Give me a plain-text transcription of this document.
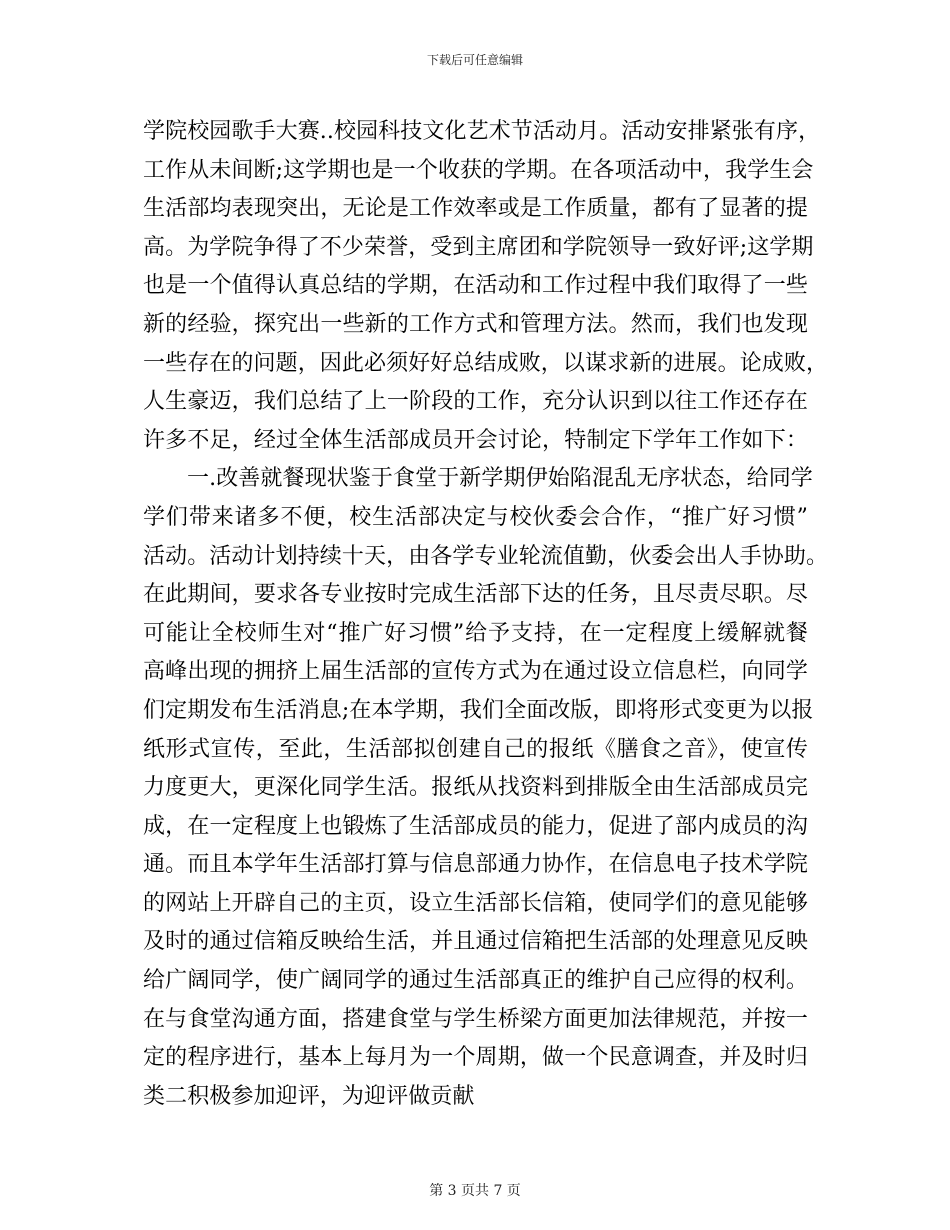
下载后可任意编辑
学院校园歌手大赛..校园科技文化艺术节活动月。活动安排紧张有序，
工作从未间断;这学期也是一个收获的学期。在各项活动中，我学生会
生活部均表现突出，无论是工作效率或是工作质量，都有了显著的提
高。为学院争得了不少荣誉，受到主席团和学院领导一致好评;这学期
也是一个值得认真总结的学期，在活动和工作过程中我们取得了一些
新的经验，探究出一些新的工作方式和管理方法。然而，我们也发现
一些存在的问题，因此必须好好总结成败，以谋求新的进展。论成败，
人生豪迈，我们总结了上一阶段的工作，充分认识到以往工作还存在
许多不足，经过全体生活部成员开会讨论，特制定下学年工作如下：
一.改善就餐现状鉴于食堂于新学期伊始陷混乱无序状态，给同学
学们带来诸多不便，校生活部决定与校伙委会合作，“推广好习惯”
活动。活动计划持续十天，由各学专业轮流值勤，伙委会出人手协助。
在此期间，要求各专业按时完成生活部下达的任务，且尽责尽职。尽
可能让全校师生对“推广好习惯”给予支持，在一定程度上缓解就餐
高峰出现的拥挤上届生活部的宣传方式为在通过设立信息栏，向同学
们定期发布生活消息;在本学期，我们全面改版，即将形式变更为以报
纸形式宣传，至此，生活部拟创建自己的报纸《膳食之音》，使宣传
力度更大，更深化同学生活。报纸从找资料到排版全由生活部成员完
成，在一定程度上也锻炼了生活部成员的能力，促进了部内成员的沟
通。而且本学年生活部打算与信息部通力协作，在信息电子技术学院
的网站上开辟自己的主页，设立生活部长信箱，使同学们的意见能够
及时的通过信箱反映给生活，并且通过信箱把生活部的处理意见反映
给广阔同学，使广阔同学的通过生活部真正的维护自己应得的权利。
在与食堂沟通方面，搭建食堂与学生桥梁方面更加法律规范，并按一
定的程序进行，基本上每月为一个周期，做一个民意调查，并及时归
类二积极参加迎评，为迎评做贡献
第 3 页共 7 页
